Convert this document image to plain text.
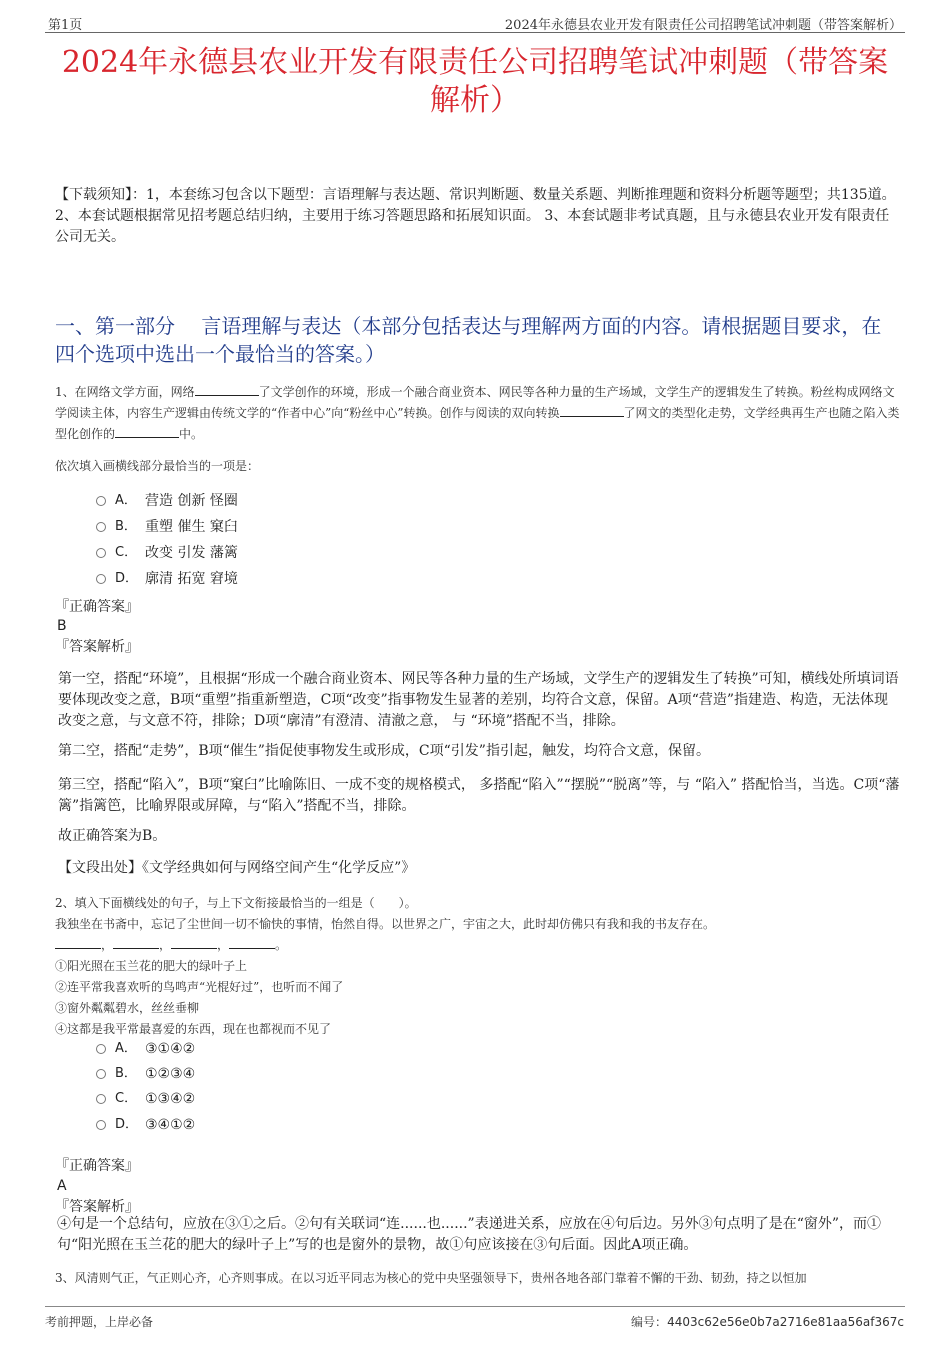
第1页	2024年永德县农业开发有限责任公司招聘笔试冲刺题（带答案解析）
2024年永德县农业开发有限责任公司招聘笔试冲刺题（带答案
解析）
【下载须知】：1，本套练习包含以下题型：言语理解与表达题、常识判断题、数量关系题、判断推理题和资料分析题等题型；共135道。 2、本套试题根据常见招考题总结归纳，主要用于练习答题思路和拓展知识面。 3、本套试题非考试真题，且与永德县农业开发有限责任公司无关。
一、第一部分　 言语理解与表达（本部分包括表达与理解两方面的内容。请根据题目要求，在四个选项中选出一个最恰当的答案。）
1、在网络文学方面，网络	了文学创作的环境，形成一个融合商业资本、网民等各种力量的生产场域，文学生产的逻辑发生了转换。粉丝构成网络文学阅读主体，内容生产逻辑由传统文学的“作者中心”向“粉丝中心”转换。创作与阅读的双向转换	了网文的类型化走势，文学经典再生产也随之陷入类型化创作的	中。
依次填入画横线部分最恰当的一项是：
A． 营造 创新 怪圈
B． 重塑 催生 窠臼
C． 改变 引发 藩篱
D． 廓清 拓宽 窘境
『正确答案』
B
『答案解析』
第一空，搭配“环境”，且根据“形成一个融合商业资本、网民等各种力量的生产场域，文学生产的逻辑发生了转换”可知，横线处所填词语要体现改变之意，B项“重塑”指重新塑造，C项“改变”指事物发生显著的差别，均符合文意，保留。A项“营造”指建造、构造，无法体现改变之意，与文意不符，排除；D项“廓清”有澄清、清澈之意， 与 “环境”搭配不当，排除。
第二空，搭配“走势”，B项“催生”指促使事物发生或形成，C项“引发”指引起，触发，均符合文意，保留。
第三空，搭配“陷入”，B项“窠臼”比喻陈旧、一成不变的规格模式， 多搭配“陷入”“摆脱”“脱离”等，与 “陷入” 搭配恰当，当选。C项“藩篱”指篱笆，比喻界限或屏障，与“陷入”搭配不当，排除。
故正确答案为B。
【文段出处】《文学经典如何与网络空间产生“化学反应”》
2、填入下面横线处的句子，与上下文衔接最恰当的一组是（　　）。
我独坐在书斋中，忘记了尘世间一切不愉快的事情，怡然自得。以世界之广，宇宙之大，此时却仿佛只有我和我的书友存在。
，	，	，	。
①阳光照在玉兰花的肥大的绿叶子上
②连平常我喜欢听的鸟鸣声“光棍好过”，也听而不闻了
③窗外粼粼碧水，丝丝垂柳
④这都是我平常最喜爱的东西，现在也都视而不见了
A． ③①④②
B． ①②③④
C． ①③④②
D． ③④①②
『正确答案』
A
『答案解析』
④句是一个总结句，应放在③①之后。②句有关联词“连......也......”表递进关系，应放在④句后边。另外③句点明了是在“窗外”，而①句“阳光照在玉兰花的肥大的绿叶子上”写的也是窗外的景物，故①句应该接在③句后面。因此A项正确。
3、风清则气正，气正则心齐，心齐则事成。在以习近平同志为核心的党中央坚强领导下，贵州各地各部门靠着不懈的干劲、韧劲，持之以恒加
考前押题，上岸必备	编号：4403c62e56e0b7a2716e81aa56af367c
